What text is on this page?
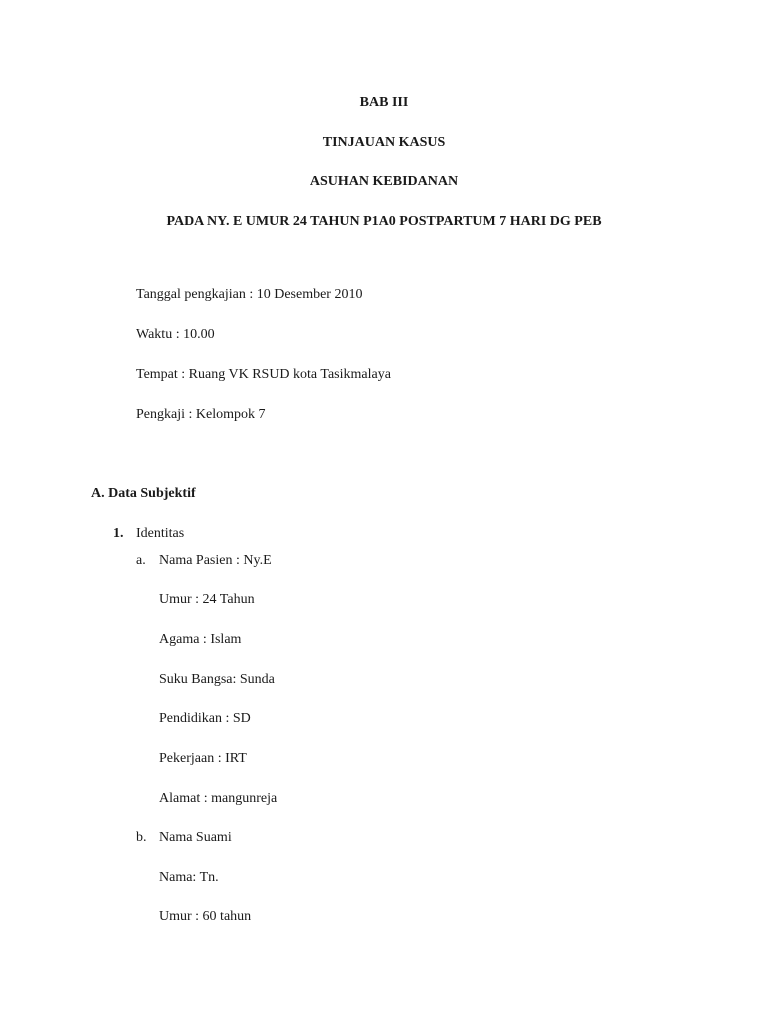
BAB III
TINJAUAN KASUS
ASUHAN KEBIDANAN
PADA NY. E UMUR 24 TAHUN P1A0 POSTPARTUM 7 HARI DG PEB
Tanggal pengkajian : 10 Desember 2010
Waktu : 10.00
Tempat : Ruang VK RSUD kota Tasikmalaya
Pengkaji : Kelompok 7
A. Data Subjektif
1. Identitas
a. Nama Pasien : Ny.E
Umur : 24 Tahun
Agama : Islam
Suku Bangsa: Sunda
Pendidikan : SD
Pekerjaan : IRT
Alamat : mangunreja
b. Nama Suami
Nama: Tn.
Umur : 60 tahun
